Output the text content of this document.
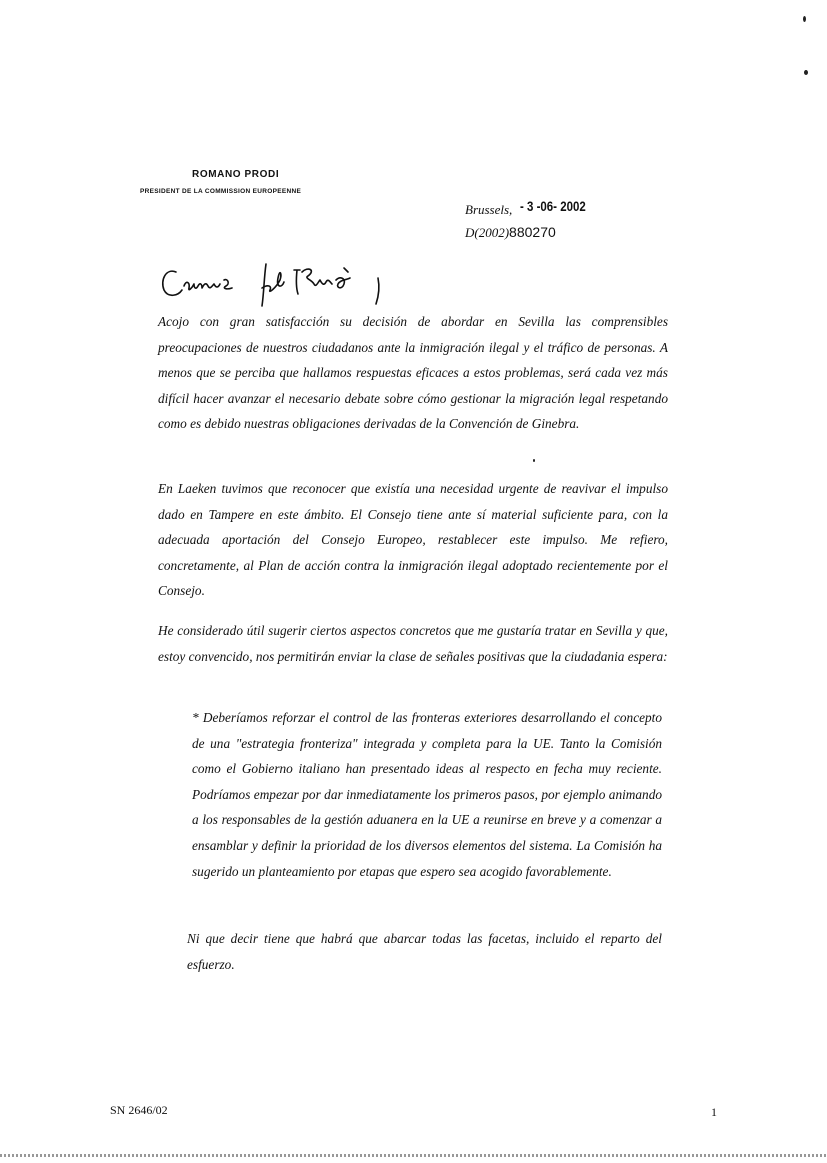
ROMANO PRODI
PRESIDENT DE LA COMMISSION EUROPEENNE
Brussels, - 3 -06- 2002
D(2002)880270
Acojo con gran satisfacción su decisión de abordar en Sevilla las comprensibles preocupaciones de nuestros ciudadanos ante la inmigración ilegal y el tráfico de personas. A menos que se perciba que hallamos respuestas eficaces a estos problemas, será cada vez más difícil hacer avanzar el necesario debate sobre cómo gestionar la migración legal respetando como es debido nuestras obligaciones derivadas de la Convención de Ginebra.
En Laeken tuvimos que reconocer que existía una necesidad urgente de reavivar el impulso dado en Tampere en este ámbito. El Consejo tiene ante sí material suficiente para, con la adecuada aportación del Consejo Europeo, restablecer este impulso. Me refiero, concretamente, al Plan de acción contra la inmigración ilegal adoptado recientemente por el Consejo.
He considerado útil sugerir ciertos aspectos concretos que me gustaría tratar en Sevilla y que, estoy convencido, nos permitirán enviar la clase de señales positivas que la ciudadania espera:
* Deberíamos reforzar el control de las fronteras exteriores desarrollando el concepto de una "estrategia fronteriza" integrada y completa para la UE. Tanto la Comisión como el Gobierno italiano han presentado ideas al respecto en fecha muy reciente. Podríamos empezar por dar inmediatamente los primeros pasos, por ejemplo animando a los responsables de la gestión aduanera en la UE a reunirse en breve y a comenzar a ensamblar y definir la prioridad de los diversos elementos del sistema. La Comisión ha sugerido un planteamiento por etapas que espero sea acogido favorablemente.
Ni que decir tiene que habrá que abarcar todas las facetas, incluido el reparto del esfuerzo.
SN 2646/02	1
